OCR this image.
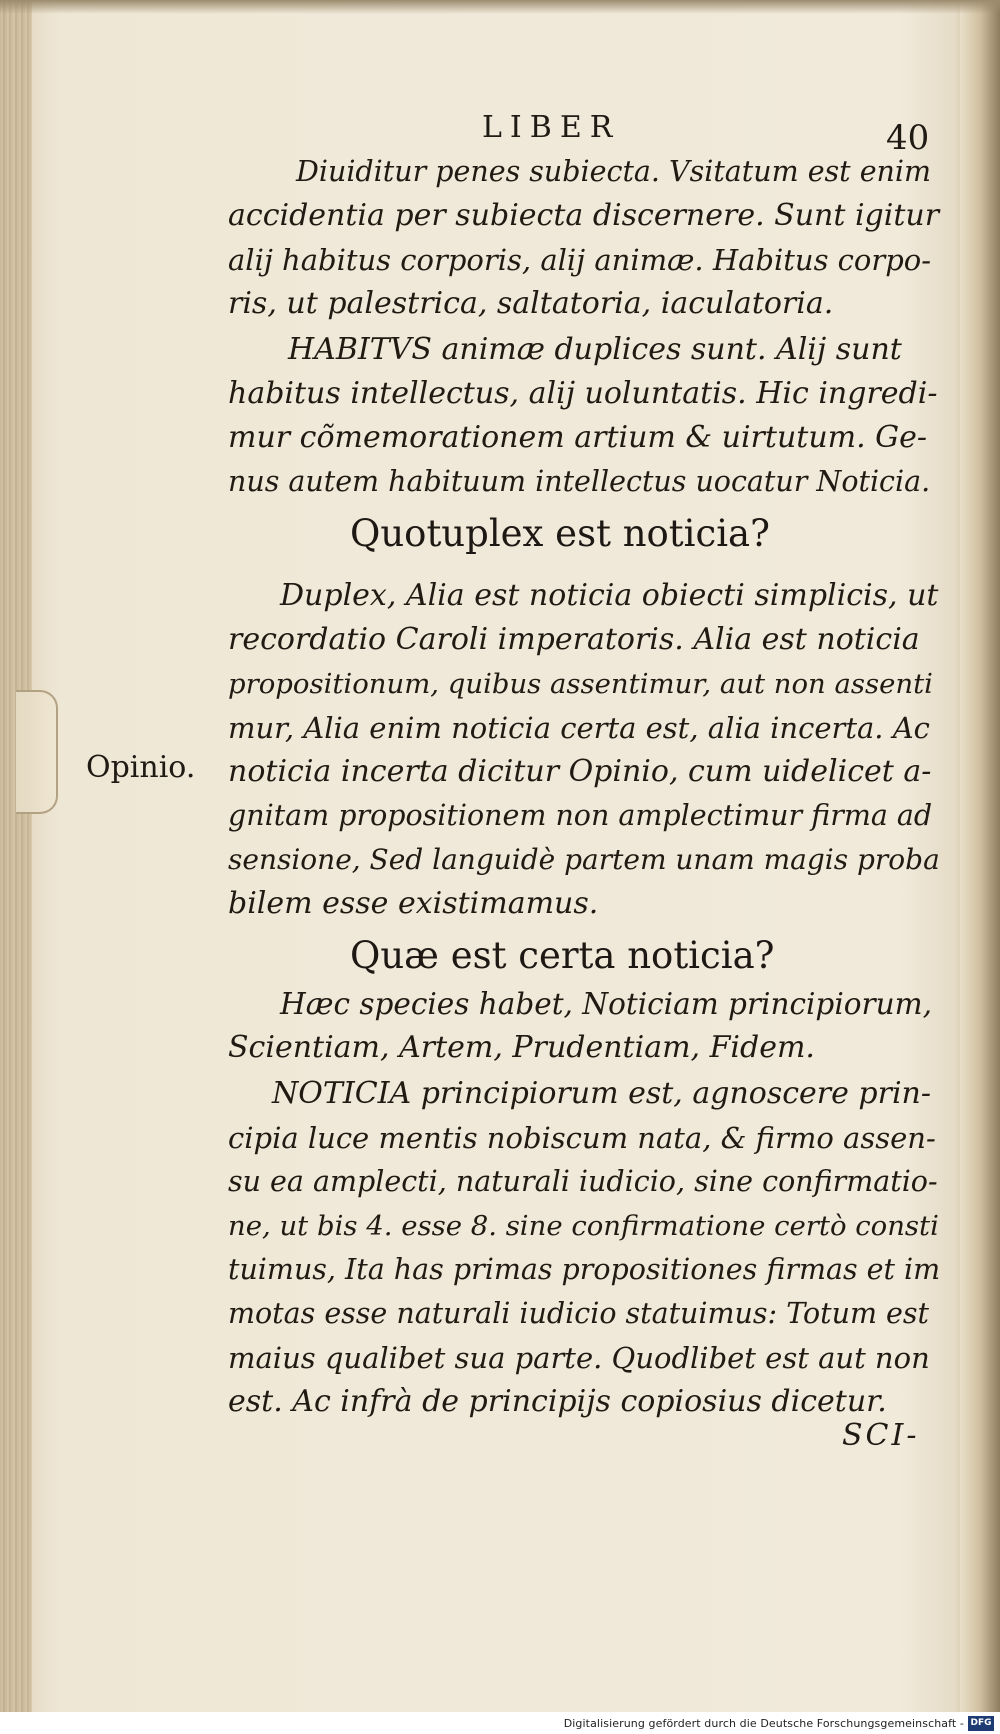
LIBER	40
Diuiditur penes subiecta. Vsitatum est enim
accidentia per subiecta discernere. Sunt igitur
alij habitus corporis, alij animæ. Habitus corpo-
ris, ut palestrica, saltatoria, iaculatoria.
HABITVS animæ duplices sunt. Alij sunt
habitus intellectus, alij uoluntatis. Hic ingredi-
mur cõmemorationem artium & uirtutum. Ge-
nus autem habituum intellectus uocatur Noticia.
Quotuplex est noticia?
Duplex, Alia est noticia obiecti simplicis, ut
recordatio Caroli imperatoris. Alia est noticia
propositionum, quibus assentimur, aut non assenti
mur, Alia enim noticia certa est, alia incerta. Ac
noticia incerta dicitur Opinio, cum uidelicet a-
gnitam propositionem non amplectimur firma ad
sensione, Sed languidè partem unam magis proba
bilem esse existimamus.
Opinio.
Quæ est certa noticia?
Hæc species habet, Noticiam principiorum,
Scientiam, Artem, Prudentiam, Fidem.
NOTICIA principiorum est, agnoscere prin-
cipia luce mentis nobiscum nata, & firmo assen-
su ea amplecti, naturali iudicio, sine confirmatio-
ne, ut bis 4. esse 8. sine confirmatione certò consti
tuimus, Ita has primas propositiones firmas et im
motas esse naturali iudicio statuimus: Totum est
maius qualibet sua parte. Quodlibet est aut non
est. Ac infrà de principijs copiosius dicetur.
SCI-
Digitalisierung gefördert durch die Deutsche Forschungsgemeinschaft - DFG
